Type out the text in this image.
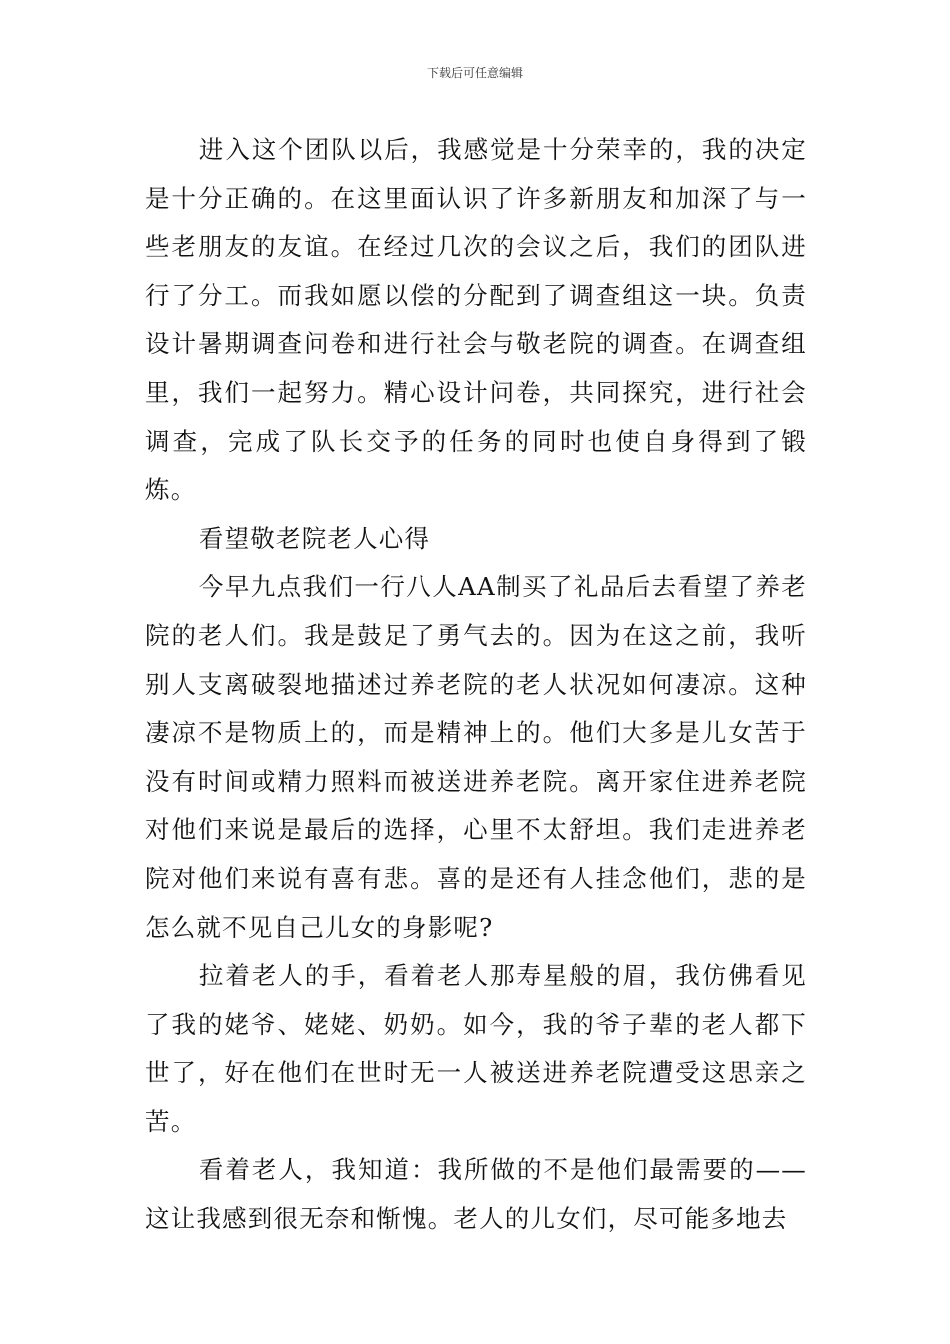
下载后可任意编辑

进入这个团队以后，我感觉是十分荣幸的，我的决定是十分正确的。在这里面认识了许多新朋友和加深了与一些老朋友的友谊。在经过几次的会议之后，我们的团队进行了分工。而我如愿以偿的分配到了调查组这一块。负责设计暑期调查问卷和进行社会与敬老院的调查。在调查组里，我们一起努力。精心设计问卷，共同探究，进行社会调查，完成了队长交予的任务的同时也使自身得到了锻炼。

看望敬老院老人心得

今早九点我们一行八人AA制买了礼品后去看望了养老院的老人们。我是鼓足了勇气去的。因为在这之前，我听别人支离破裂地描述过养老院的老人状况如何凄凉。这种凄凉不是物质上的，而是精神上的。他们大多是儿女苦于没有时间或精力照料而被送进养老院。离开家住进养老院对他们来说是最后的选择，心里不太舒坦。我们走进养老院对他们来说有喜有悲。喜的是还有人挂念他们，悲的是怎么就不见自己儿女的身影呢?

拉着老人的手，看着老人那寿星般的眉，我仿佛看见了我的姥爷、姥姥、奶奶。如今，我的爷子辈的老人都下世了，好在他们在世时无一人被送进养老院遭受这思亲之苦。

看着老人，我知道：我所做的不是他们最需要的——这让我感到很无奈和惭愧。老人的儿女们，尽可能多地去
